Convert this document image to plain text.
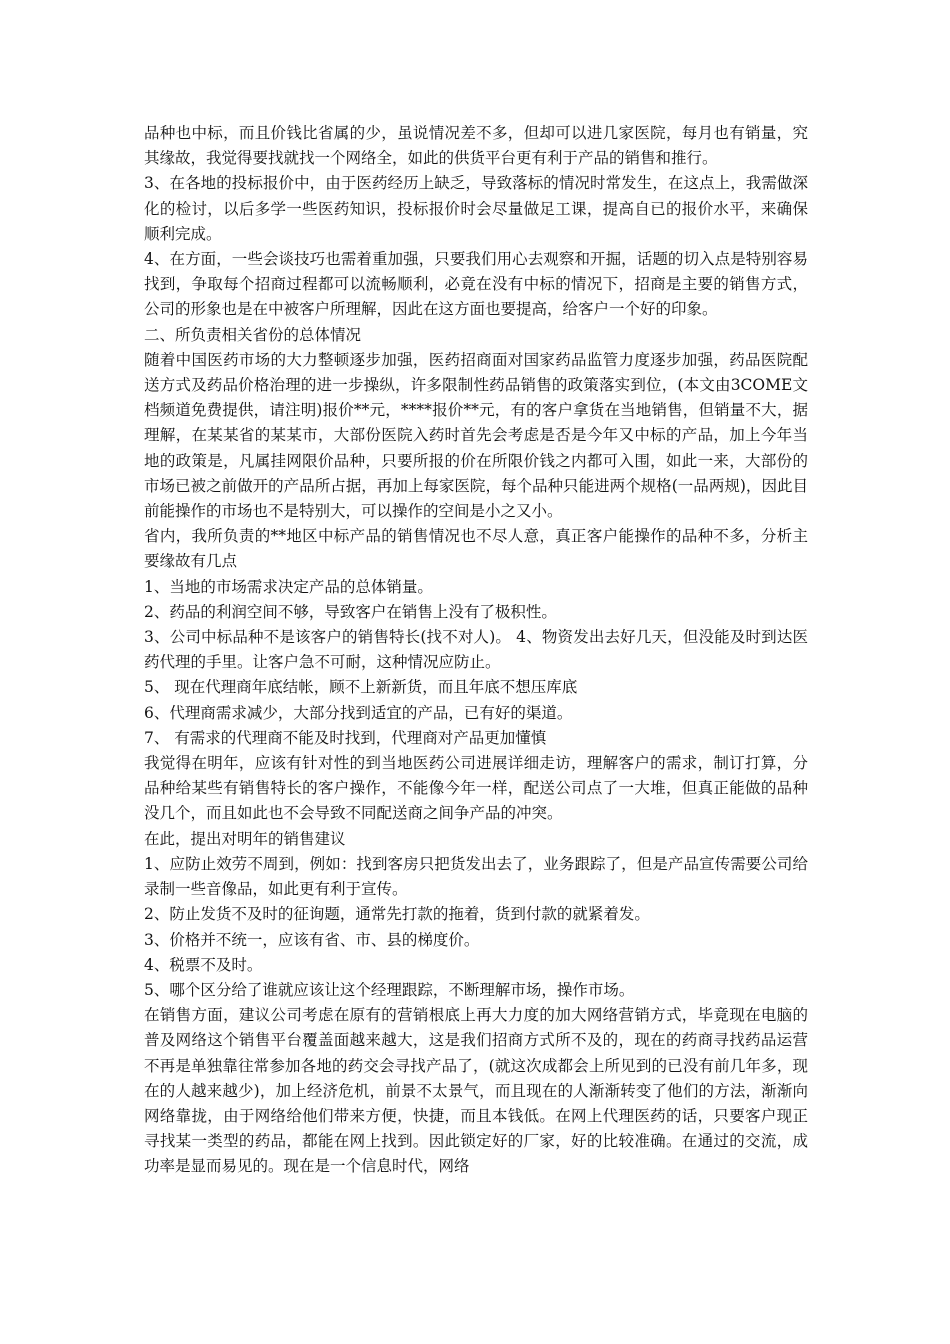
品种也中标，而且价钱比省属的少，虽说情况差不多，但却可以进几家医院，每月也有销量，究其缘故，我觉得要找就找一个网络全，如此的供货平台更有利于产品的销售和推行。

3、在各地的投标报价中，由于医药经历上缺乏，导致落标的情况时常发生，在这点上，我需做深化的检讨，以后多学一些医药知识，投标报价时会尽量做足工课，提高自已的报价水平，来确保顺利完成。

4、在方面，一些会谈技巧也需着重加强，只要我们用心去观察和开掘，话题的切入点是特别容易找到，争取每个招商过程都可以流畅顺利，必竟在没有中标的情况下，招商是主要的销售方式，公司的形象也是在中被客户所理解，因此在这方面也要提高，给客户一个好的印象。

二、所负责相关省份的总体情况

随着中国医药市场的大力整顿逐步加强，医药招商面对国家药品监管力度逐步加强，药品医院配送方式及药品价格治理的进一步操纵，许多限制性药品销售的政策落实到位，(本文由3COME文档频道免费提供，请注明)报价**元，****报价**元，有的客户拿货在当地销售，但销量不大，据理解，在某某省的某某市，大部份医院入药时首先会考虑是否是今年又中标的产品，加上今年当地的政策是，凡属挂网限价品种，只要所报的价在所限价钱之内都可入围，如此一来，大部份的市场已被之前做开的产品所占据，再加上每家医院，每个品种只能进两个规格(一品两规)，因此目前能操作的市场也不是特别大，可以操作的空间是小之又小。

省内，我所负责的**地区中标产品的销售情况也不尽人意，真正客户能操作的品种不多，分析主要缘故有几点

1、当地的市场需求决定产品的总体销量。

2、药品的利润空间不够，导致客户在销售上没有了极积性。

3、公司中标品种不是该客户的销售特长(找不对人)。 4、物资发出去好几天，但没能及时到达医药代理的手里。让客户急不可耐，这种情况应防止。

5、 现在代理商年底结帐，顾不上新新货，而且年底不想压库底

6、代理商需求减少，大部分找到适宜的产品，已有好的渠道。

7、 有需求的代理商不能及时找到，代理商对产品更加懂慎

我觉得在明年，应该有针对性的到当地医药公司进展详细走访，理解客户的需求，制订打算，分品种给某些有销售特长的客户操作，不能像今年一样，配送公司点了一大堆，但真正能做的品种没几个，而且如此也不会导致不同配送商之间争产品的冲突。

在此，提出对明年的销售建议

1、应防止效劳不周到，例如：找到客房只把货发出去了，业务跟踪了，但是产品宣传需要公司给录制一些音像品，如此更有利于宣传。

2、防止发货不及时的征询题，通常先打款的拖着，货到付款的就紧着发。

3、价格并不统一，应该有省、市、县的梯度价。

4、税票不及时。

5、哪个区分给了谁就应该让这个经理跟踪，不断理解市场，操作市场。

在销售方面，建议公司考虑在原有的营销根底上再大力度的加大网络营销方式，毕竟现在电脑的普及网络这个销售平台覆盖面越来越大，这是我们招商方式所不及的，现在的药商寻找药品运营不再是单独靠往常参加各地的药交会寻找产品了，(就这次成都会上所见到的已没有前几年多，现在的人越来越少)，加上经济危机，前景不太景气，而且现在的人渐渐转变了他们的方法，渐渐向网络靠拢，由于网络给他们带来方便，快捷，而且本钱低。在网上代理医药的话，只要客户现正寻找某一类型的药品，都能在网上找到。因此锁定好的厂家，好的比较准确。在通过的交流，成功率是显而易见的。现在是一个信息时代，网络
